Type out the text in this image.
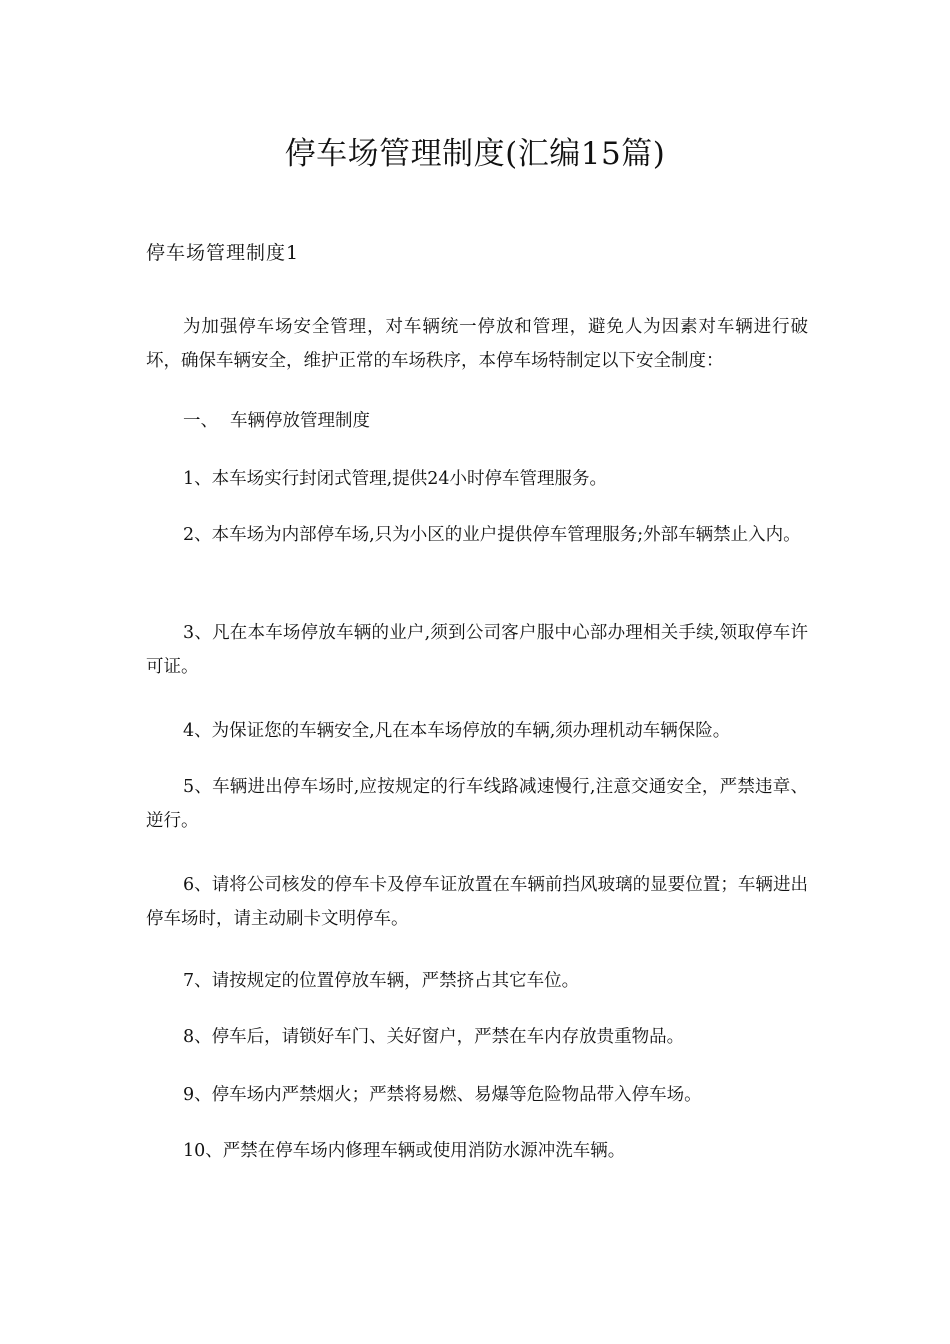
停车场管理制度(汇编15篇)
停车场管理制度1
为加强停车场安全管理，对车辆统一停放和管理，避免人为因素对车辆进行破坏，确保车辆安全，维护正常的车场秩序，本停车场特制定以下安全制度：
一、 车辆停放管理制度
1、本车场实行封闭式管理,提供24小时停车管理服务。
2、本车场为内部停车场,只为小区的业户提供停车管理服务;外部车辆禁止入内。
3、凡在本车场停放车辆的业户,须到公司客户服中心部办理相关手续,领取停车许可证。
4、为保证您的车辆安全,凡在本车场停放的车辆,须办理机动车辆保险。
5、车辆进出停车场时,应按规定的行车线路减速慢行,注意交通安全，严禁违章、逆行。
6、请将公司核发的停车卡及停车证放置在车辆前挡风玻璃的显要位置；车辆进出停车场时，请主动刷卡文明停车。
7、请按规定的位置停放车辆，严禁挤占其它车位。
8、停车后，请锁好车门、关好窗户，严禁在车内存放贵重物品。
9、停车场内严禁烟火；严禁将易燃、易爆等危险物品带入停车场。
10、严禁在停车场内修理车辆或使用消防水源冲洗车辆。
